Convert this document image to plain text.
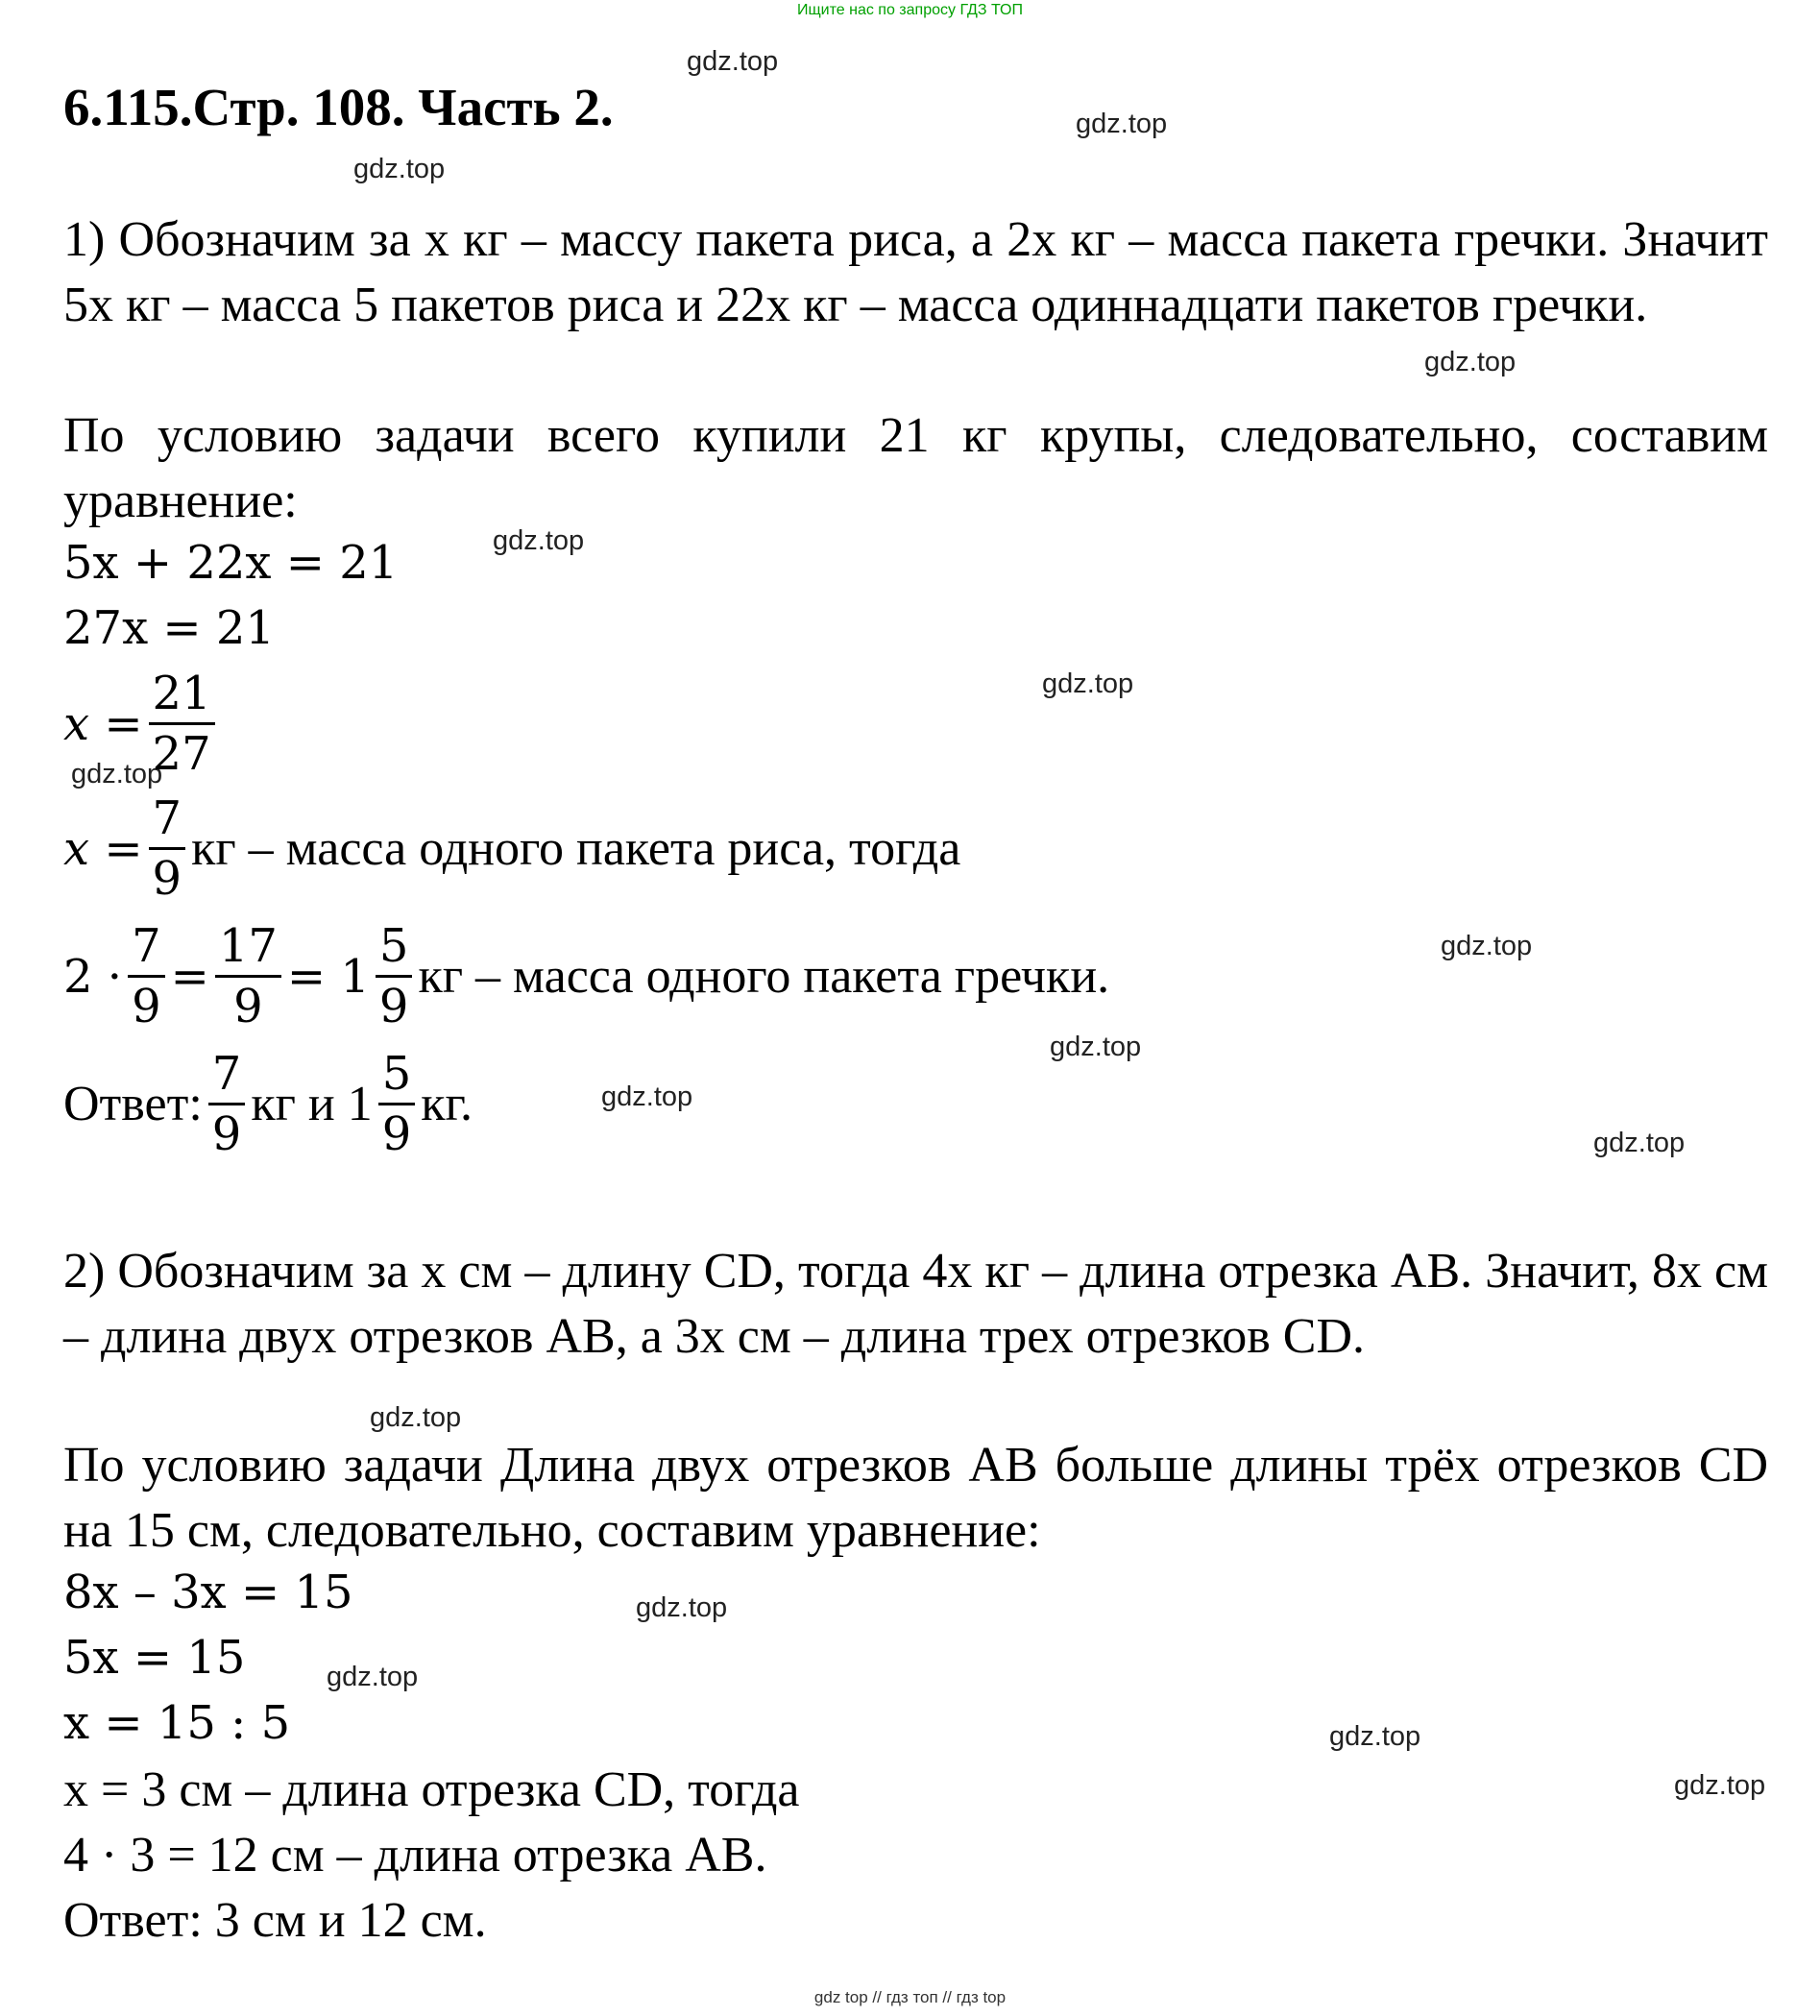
Ищите нас по запросу ГДЗ ТОП
gdz.top
gdz.top
gdz.top
gdz.top
gdz.top
gdz.top
gdz.top
gdz.top
gdz.top
gdz.top
gdz.top
gdz.top
gdz.top
gdz.top
gdz.top
gdz.top
6.115.Стр. 108. Часть 2.
1) Обозначим за x кг – массу пакета риса, а 2x кг – масса пакета гречки. Значит 5x кг – масса 5 пакетов риса и 22x кг – масса одиннадцати пакетов гречки.
По условию задачи всего купили 21 кг крупы, следовательно, составим уравнение:
5x + 22x = 21
27x = 21
$x = \frac{21}{27}$
$x = \frac{7}{9}$ кг – масса одного пакета риса, тогда
$2 \cdot \frac{7}{9} = \frac{17}{9} = 1 \frac{5}{9}$ кг – масса одного пакета гречки.
Ответ: $\frac{7}{9}$ кг и $1 \frac{5}{9}$ кг.
2) Обозначим за x см – длину CD, тогда 4x кг – длина отрезка AB. Значит, 8x см – длина двух отрезков AB, а 3x см – длина трех отрезков CD.
По условию задачи Длина двух отрезков AB больше длины трёх отрезков CD на 15 см, следовательно, составим уравнение:
8x – 3x = 15
5x = 15
x = 15 : 5
x = 3 см – длина отрезка CD, тогда
4 · 3 = 12 см – длина отрезка AB.
Ответ: 3 см и 12 см.
gdz top // гдз топ // гдз top
